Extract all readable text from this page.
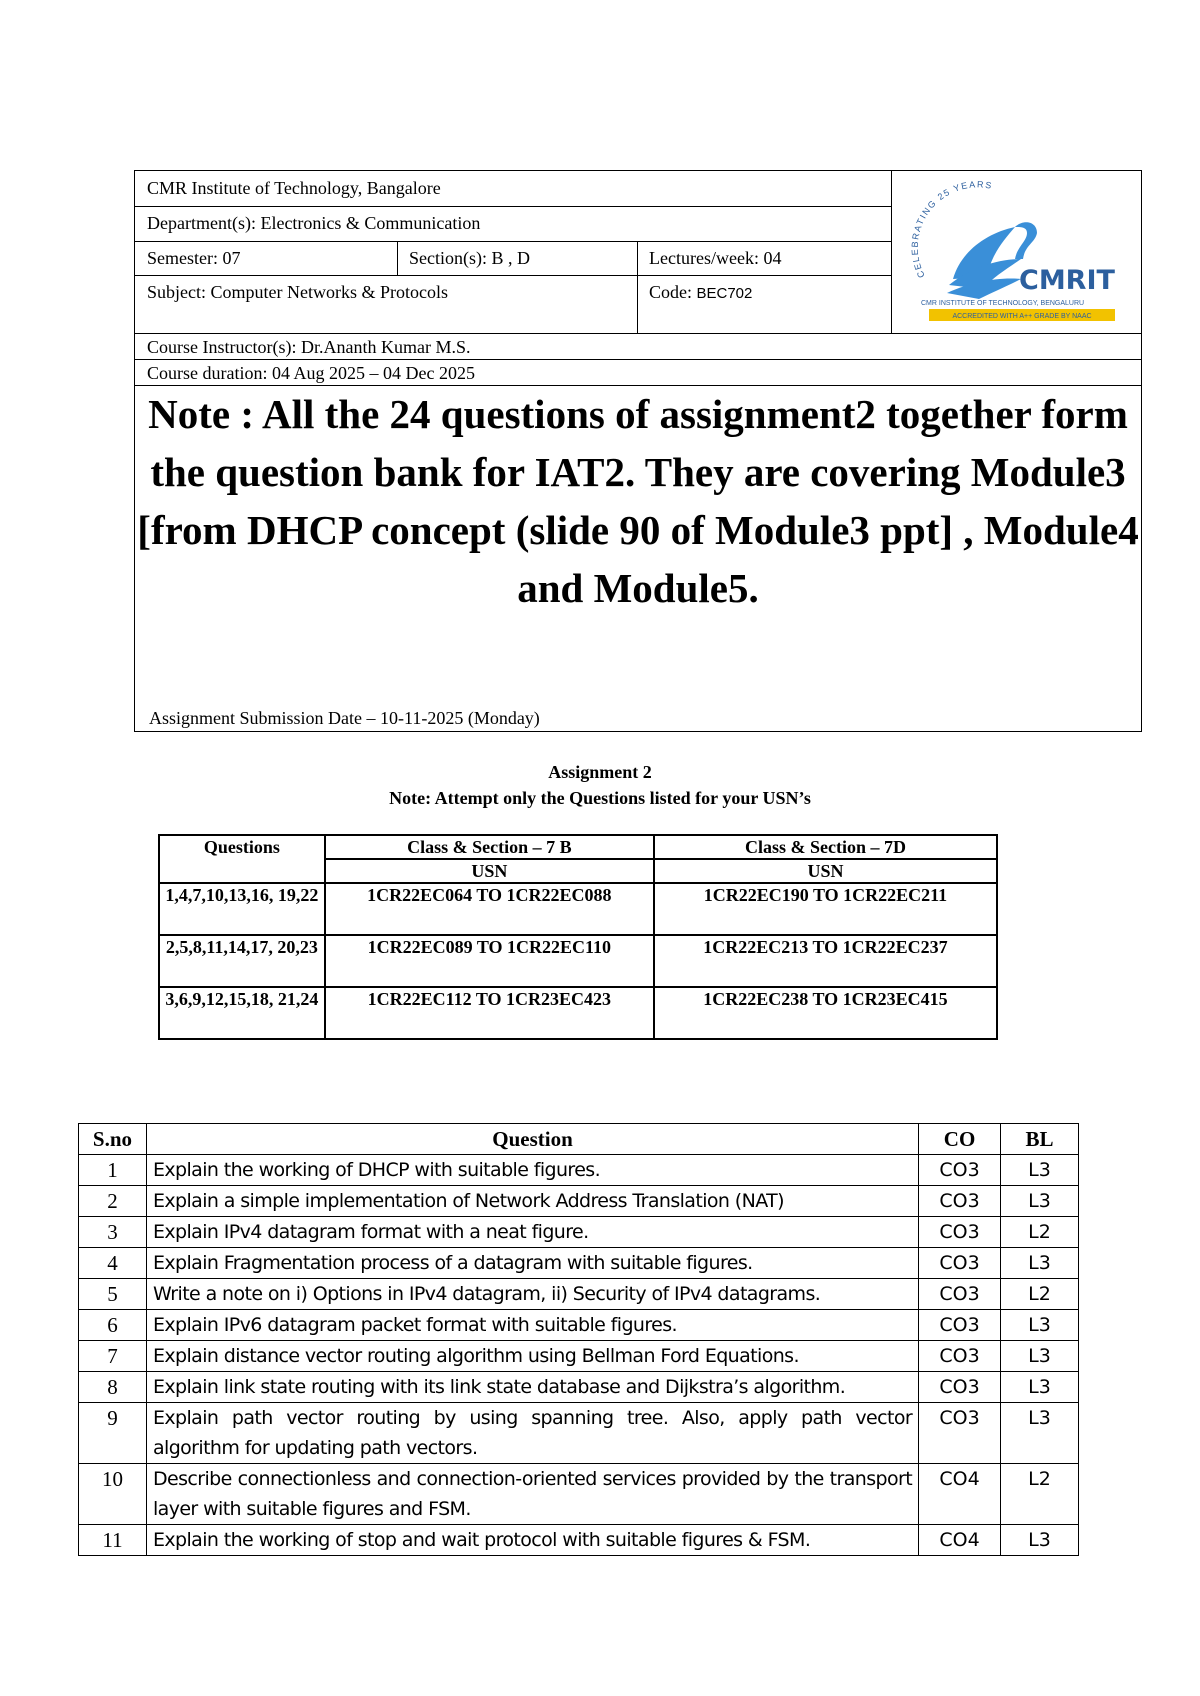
CMR Institute of Technology, Bangalore
Department(s): Electronics & Communication
Semester: 07	Section(s): B , D	Lectures/week: 04
Subject: Computer Networks & Protocols	Code: BEC702
Course Instructor(s): Dr.Ananth Kumar M.S.
Course duration: 04 Aug 2025 – 04 Dec 2025
Note : All the 24 questions of assignment2 together form the question bank for IAT2. They are covering Module3 [from DHCP concept (slide 90 of Module3 ppt] , Module4 and Module5.
Assignment Submission Date – 10-11-2025 (Monday)
CELEBRATING 25 YEARS
CMRIT
CMR INSTITUTE OF TECHNOLOGY, BENGALURU
ACCREDITED WITH A++ GRADE BY NAAC
Assignment 2
Note: Attempt only the Questions listed for your USN’s
Questions	Class & Section – 7 B	Class & Section – 7D
	USN	USN
1,4,7,10,13,16, 19,22	1CR22EC064 TO 1CR22EC088	1CR22EC190 TO 1CR22EC211
2,5,8,11,14,17, 20,23	1CR22EC089 TO 1CR22EC110	1CR22EC213 TO 1CR22EC237
3,6,9,12,15,18, 21,24	1CR22EC112 TO 1CR23EC423	1CR22EC238 TO 1CR23EC415
S.no	Question	CO	BL
1	Explain the working of DHCP with suitable figures.	CO3	L3
2	Explain a simple implementation of Network Address Translation (NAT)	CO3	L3
3	Explain IPv4 datagram format with a neat figure.	CO3	L2
4	Explain Fragmentation process of a datagram with suitable figures.	CO3	L3
5	Write a note on i) Options in IPv4 datagram, ii) Security of IPv4 datagrams.	CO3	L2
6	Explain IPv6 datagram packet format with suitable figures.	CO3	L3
7	Explain distance vector routing algorithm using Bellman Ford Equations.	CO3	L3
8	Explain link state routing with its link state database and Dijkstra’s algorithm.	CO3	L3
9	Explain path vector routing by using spanning tree. Also, apply path vector algorithm for updating path vectors.	CO3	L3
10	Describe connectionless and connection-oriented services provided by the transport layer with suitable figures and FSM.	CO4	L2
11	Explain the working of stop and wait protocol with suitable figures & FSM.	CO4	L3
